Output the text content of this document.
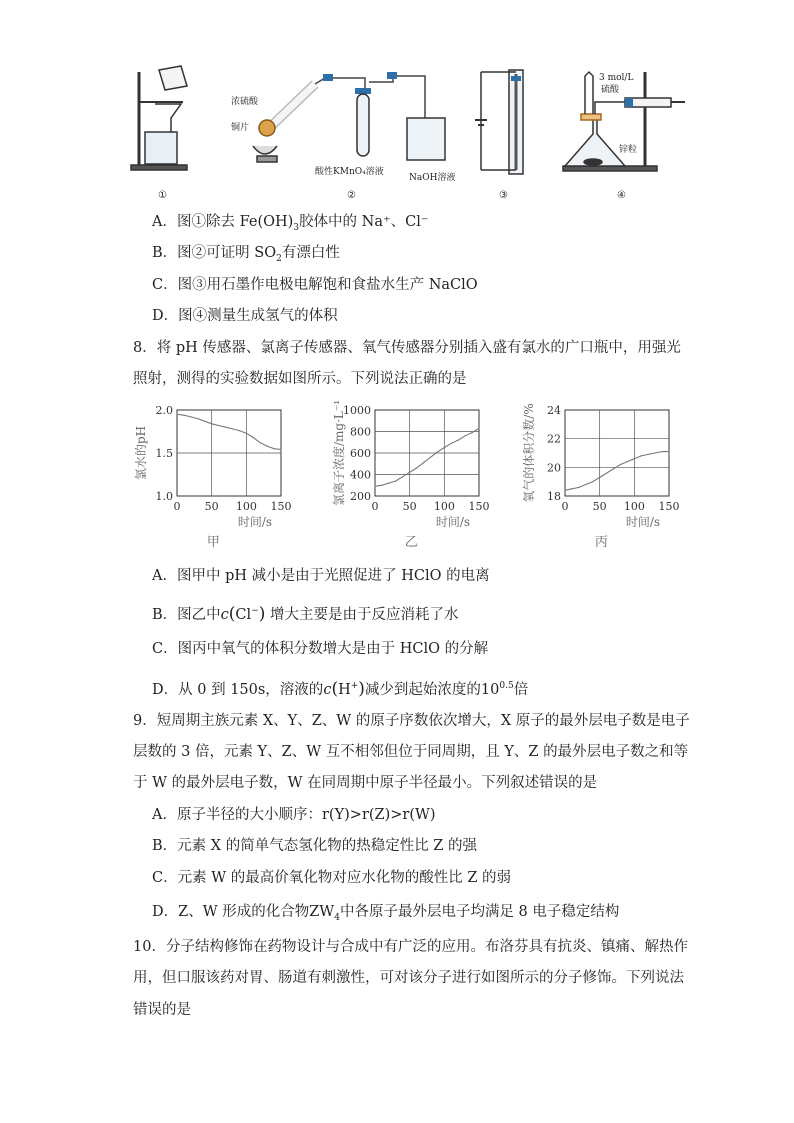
浓硫酸
铜片
酸性KMnO₄溶液
NaOH溶液
3 mol/L
硫酸
锌粒
①	②	③	④
A．图①除去 $Fe(OH)_3$胶体中的 Na⁺、Cl⁻
B．图②可证明 $SO_2$有漂白性
C．图③用石墨作电极电解饱和食盐水生产 NaClO
D．图④测量生成氢气的体积
8．将 pH 传感器、氯离子传感器、氧气传感器分别插入盛有氯水的广口瓶中，用强光
照射，测得的实验数据如图所示。下列说法正确的是
2.0
1.5
1.0
0 50 100 150
时间/s
氯水的pH
甲
1000
800
600
400
200
0 50 100 150
时间/s
氯离子浓度/mg·L⁻¹
乙
24
22
20
18
0 50 100 150
时间/s
氧气的体积分数/%
丙
A．图甲中 pH 减小是由于光照促进了 HClO 的电离
B．图乙中c(Cl−) 增大主要是由于反应消耗了水
C．图丙中氧气的体积分数增大是由于 HClO 的分解
D．从 0 到 150s，溶液的c(H+)减少到起始浓度的$10^{0.5}$倍
9．短周期主族元素 X、Y、Z、W 的原子序数依次增大，X 原子的最外层电子数是电子
层数的 3 倍，元素 Y、Z、W 互不相邻但位于同周期，且 Y、Z 的最外层电子数之和等
于 W 的最外层电子数，W 在同周期中原子半径最小。下列叙述错误的是
A．原子半径的大小顺序：r(Y)>r(Z)>r(W)
B．元素 X 的简单气态氢化物的热稳定性比 Z 的强
C．元素 W 的最高价氧化物对应水化物的酸性比 Z 的弱
D．Z、W 形成的化合物$ZW_4$中各原子最外层电子均满足 8 电子稳定结构
10．分子结构修饰在药物设计与合成中有广泛的应用。布洛芬具有抗炎、镇痛、解热作
用，但口服该药对胃、肠道有刺激性，可对该分子进行如图所示的分子修饰。下列说法
错误的是
